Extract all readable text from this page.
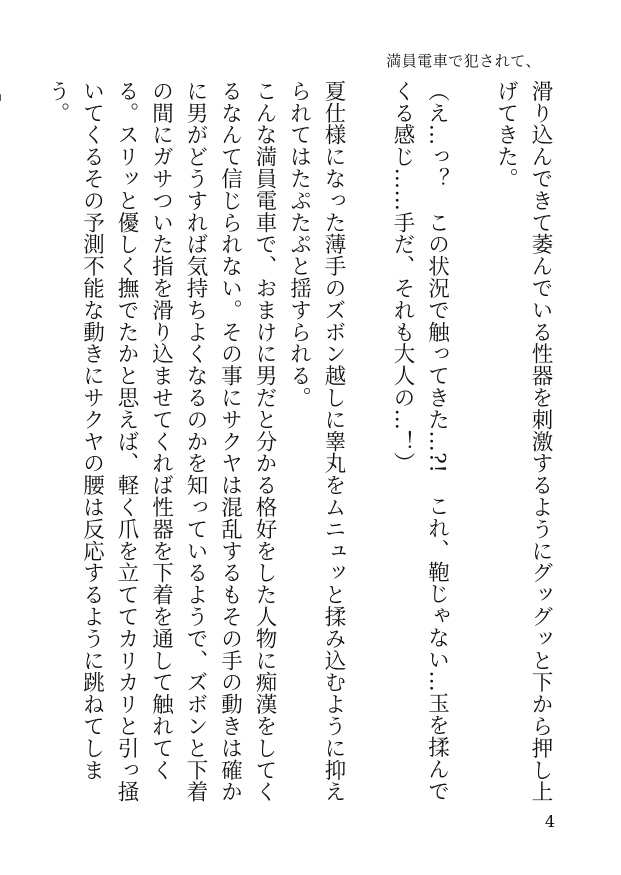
満員電車で犯されて、

滑り込んできて萎んでいる性器を刺激するようにグッグッと下から押し上げてきた。

（え…っ？　この状況で触ってきた…?!　これ、鞄じゃない…玉を揉んでくる感じ……手だ、それも大人の…！）

夏仕様になった薄手のズボン越しに睾丸をムニュッと揉み込むように抑えられてはたぷたぷと揺すられる。

こんな満員電車で、おまけに男だと分かる格好をした人物に痴漢をしてくるなんて信じられない。その事にサクヤは混乱するもその手の動きは確かに男がどうすれば気持ちよくなるのかを知っているようで、ズボンと下着の間にガサついた指を滑り込ませてくれば性器を下着を通して触れてくる。スリッと優しく撫でたかと思えば、軽く爪を立ててカリカリと引っ掻いてくるその予測不能な動きにサクヤの腰は反応するように跳ねてしまう。

4
